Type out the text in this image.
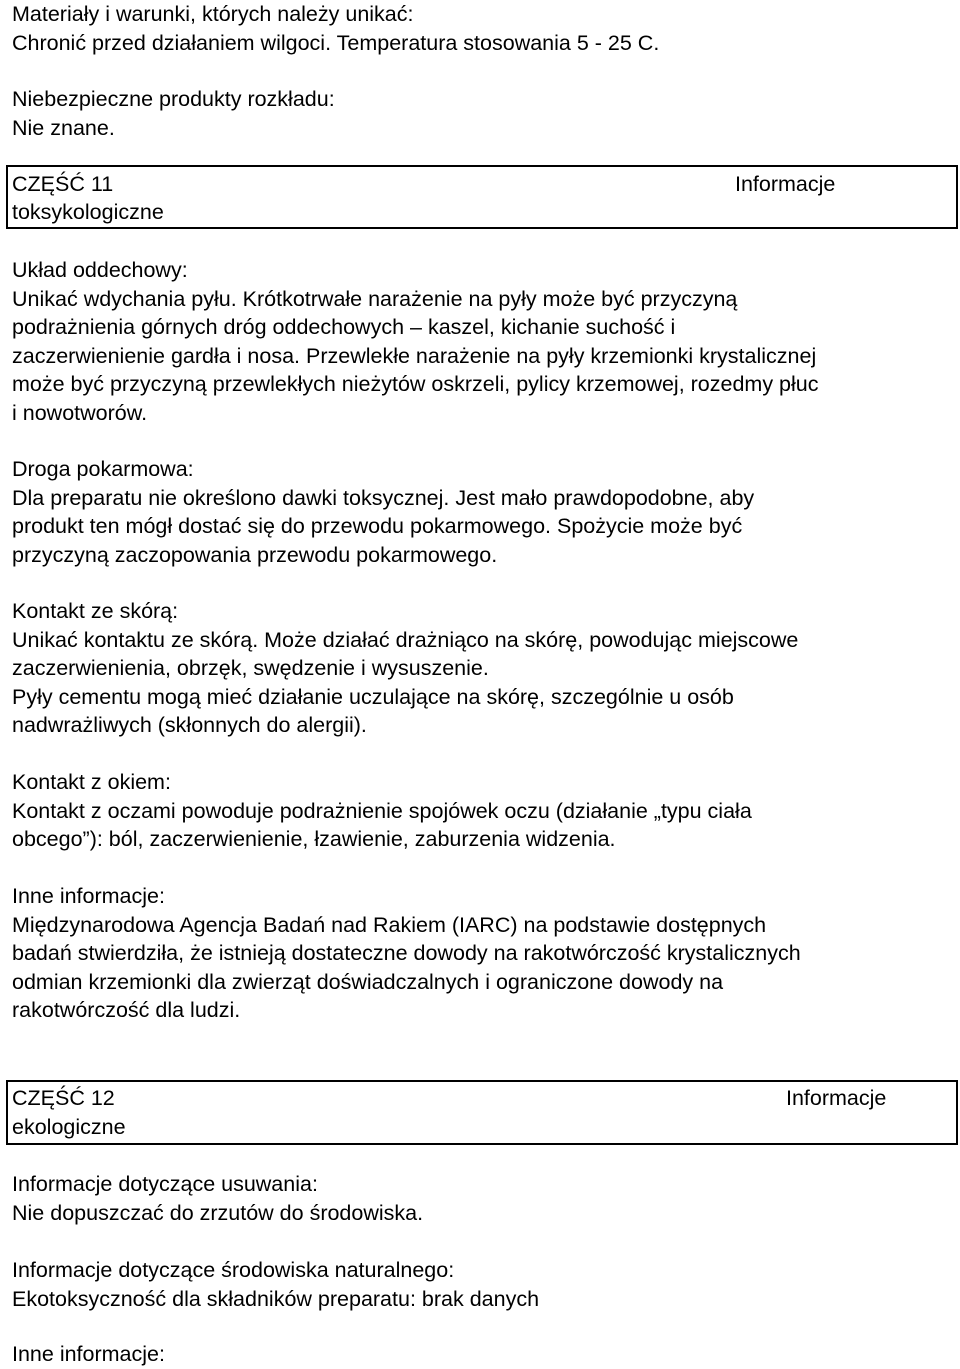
Materiały i warunki, których należy unikać:
Chronić przed działaniem wilgoci. Temperatura stosowania 5 - 25 C.
Niebezpieczne produkty rozkładu:
Nie znane.
CZĘŚĆ 11	Informacje
toksykologiczne
Układ oddechowy:
Unikać wdychania pyłu. Krótkotrwałe narażenie na pyły może być przyczyną
podrażnienia górnych dróg oddechowych – kaszel, kichanie suchość i
zaczerwienienie gardła i nosa. Przewlekłe narażenie na pyły krzemionki krystalicznej
może być przyczyną przewlekłych nieżytów oskrzeli, pylicy krzemowej, rozedmy płuc
i nowotworów.
Droga pokarmowa:
Dla preparatu nie określono dawki toksycznej. Jest mało prawdopodobne, aby
produkt ten mógł dostać się do przewodu pokarmowego. Spożycie może być
przyczyną zaczopowania przewodu pokarmowego.
Kontakt ze skórą:
Unikać kontaktu ze skórą. Może działać drażniąco na skórę, powodując miejscowe
zaczerwienienia, obrzęk, swędzenie i wysuszenie.
Pyły cementu mogą mieć działanie uczulające na skórę, szczególnie u osób
nadwrażliwych (skłonnych do alergii).
Kontakt z okiem:
Kontakt z oczami powoduje podrażnienie spojówek oczu (działanie „typu ciała
obcego”): ból, zaczerwienienie, łzawienie, zaburzenia widzenia.
Inne informacje:
Międzynarodowa Agencja Badań nad Rakiem (IARC) na podstawie dostępnych
badań stwierdziła, że istnieją dostateczne dowody na rakotwórczość krystalicznych
odmian krzemionki dla zwierząt doświadczalnych i ograniczone dowody na
rakotwórczość dla ludzi.
CZĘŚĆ 12	Informacje
ekologiczne
Informacje dotyczące usuwania:
Nie dopuszczać do zrzutów do środowiska.
Informacje dotyczące środowiska naturalnego:
Ekotoksyczność dla składników preparatu: brak danych
Inne informacje:
